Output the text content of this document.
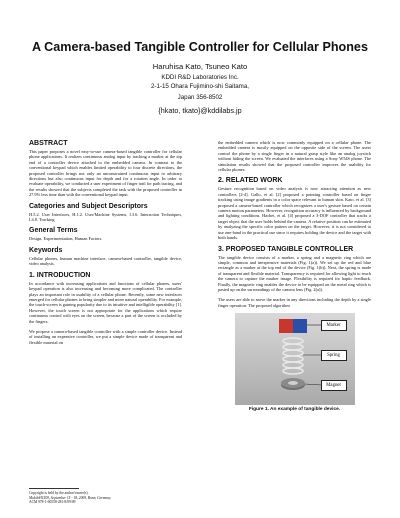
A Camera-based Tangible Controller for Cellular Phones
Haruhisa Kato, Tsuneo Kato
KDDI R&D Laboratories Inc.
2-1-15 Ohara Fujimino-shi Saitama,
Japan 356-8502
{hkato, tkato}@kddilabs.jp
ABSTRACT

This paper proposes a novel easy-to-use camera-based tangible controller for cellular phone applications. It realizes continuous analog input by tracking a marker at the top end of a controller device attached to the embedded camera. In contrast to the conventional keypad which enables limited operability to four discrete directions, the proposed controller brings not only an unconstrained continuous input to arbitrary directions but also continuous input for depth and for a rotation angle. In order to evaluate operability, we conducted a user experiment of finger trail for path tracing, and the results showed that the subjects completed the task with the proposed controller in 27.9% less time than with the conventional keypad input.

Categories and Subject Descriptors

H.5.2. User Interfaces, H.1.2. User/Machine Systems, I.3.6. Interaction Techniques, I.4.8. Tracking

General Terms

Design, Experimentation, Human Factors.

Keywords

Cellular phones, human machine interface, camera-based controller, tangible device, video analysis.

1. INTRODUCTION

In accordance with increasing applications and functions of cellular phones, users' keypad operation is also increasing and becoming more complicated. The controller plays an important role in usability of a cellular phone. Recently, some new interfaces emerged for cellular phones to bring simpler and more natural operability. For example, the touch-screen is gaining popularity due to its intuitive and intelligible operability [1]. However, the touch screen is not appropriate for the applications which require continuous control with eyes on the screen, because a part of the screen is occluded by the fingers.

We propose a camera-based tangible controller with a simple controller device. Instead of installing an expensive controller, we put a simple device made of transparent and flexible material on

the embedded camera which is now commonly equipped on a cellular phone. The embedded camera is mostly equipped on the opposite side of the screen. The users control the phone by a single finger in a natural grasp style like an analog joystick without hiding the screen. We evaluated the interfaces using a Sony W54S phone. The simulation results showed that the proposed controller improves the usability for cellular phones.

2. RELATED WORK

Gesture recognition based on video analysis is now attracting attention as new controllers [2-4]. Gallo, et al. [2] proposed a pointing controller based on finger tracking using image gradients in a color space relevant to human skin. Kato, et al. [3] proposed a camera-based controller which recognizes a user's gesture based on certain camera motion parameters. However, recognition accuracy is influenced by background and lighting conditions. Hachet, et al. [4] proposed a 3-DOF controller that tracks a target object that the user holds behind the camera. A relative position can be estimated by analyzing the specific color pattern on the target. However, it is not considered to use one-hand in the practical use since it requires holding the device and the target with both hands.

3. PROPOSED TANGIBLE CONTROLLER

The tangible device consists of a marker, a spring and a magnetic ring which are simple, common and inexpensive materials (Fig. 1(a)). We set up the red and blue rectangle as a marker at the top end of the device (Fig. 1(b)). Next, the spring is made of transparent and flexible material. Transparency is required for allowing light to reach the camera to capture the marker image. Flexibility is required for haptic feedback. Finally, the magnetic ring enables the device to be equipped on the metal ring which is pasted up on the surroundings of the camera lens (Fig. 2(a)).

The users are able to move the marker in any directions including the depth by a single finger operation. The proposed algorithm

Marker
Spring
Magnet
Figure 1. An example of tangible device.
Copyright is held by the author/owner(s).
MobileHCI09, September 15 - 18, 2009, Bonn, Germany.
ACM 978-1-60558-281-8/09/09
